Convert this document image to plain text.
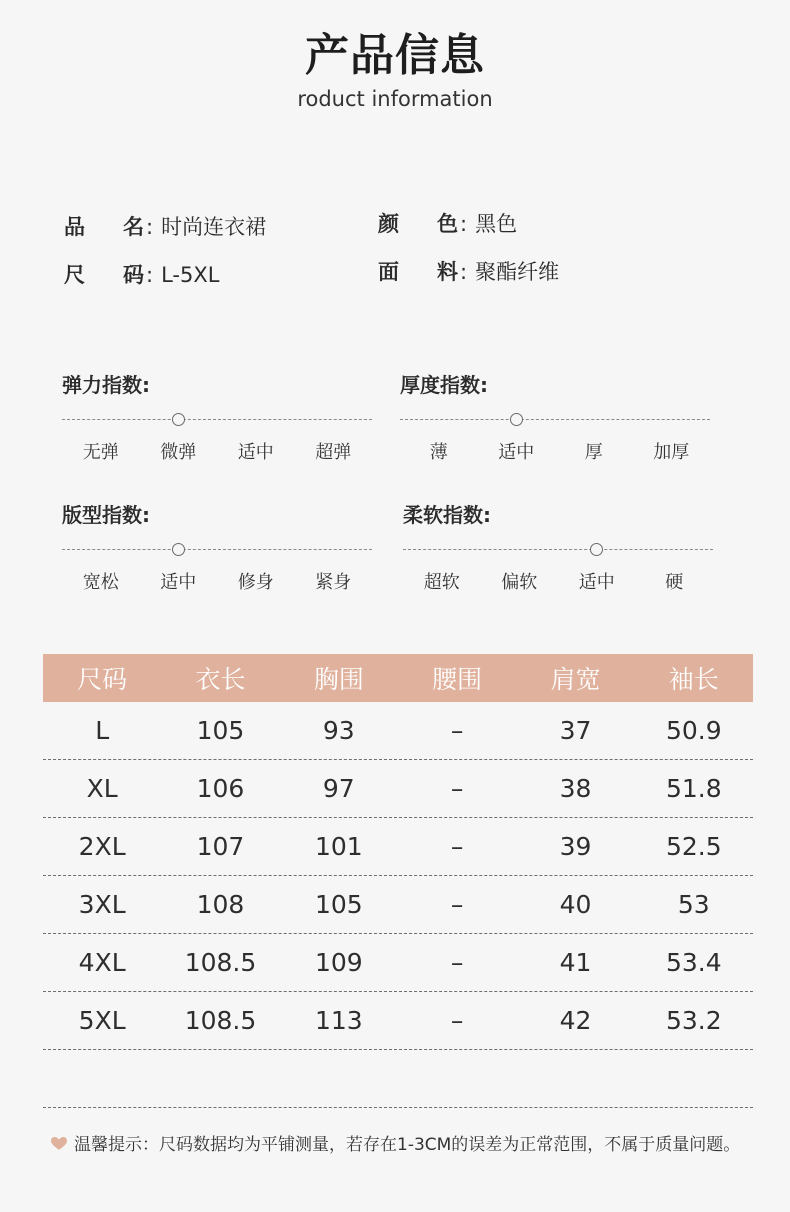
产品信息
roduct information
品 名 : 时尚连衣裙	颜 色 : 黑色
尺 码 : L-5XL	面 料 : 聚酯纤维
弹力指数:
无弹 微弹 适中 超弹
厚度指数:
薄	适中	厚	加厚
版型指数:
宽松 适中 修身 紧身
柔软指数:
超软 偏软 适中	硬
尺码	衣长	胸围	腰围	肩宽	袖长
L	105	93	–	37	50.9
XL	106	97	–	38	51.8
2XL	107	101	–	39	52.5
3XL	108	105	–	40	53
4XL	108.5	109	–	41	53.4
5XL	108.5	113	–	42	53.2
温馨提示：尺码数据均为平铺测量，若存在1-3CM的误差为正常范围，不属于质量问题。
